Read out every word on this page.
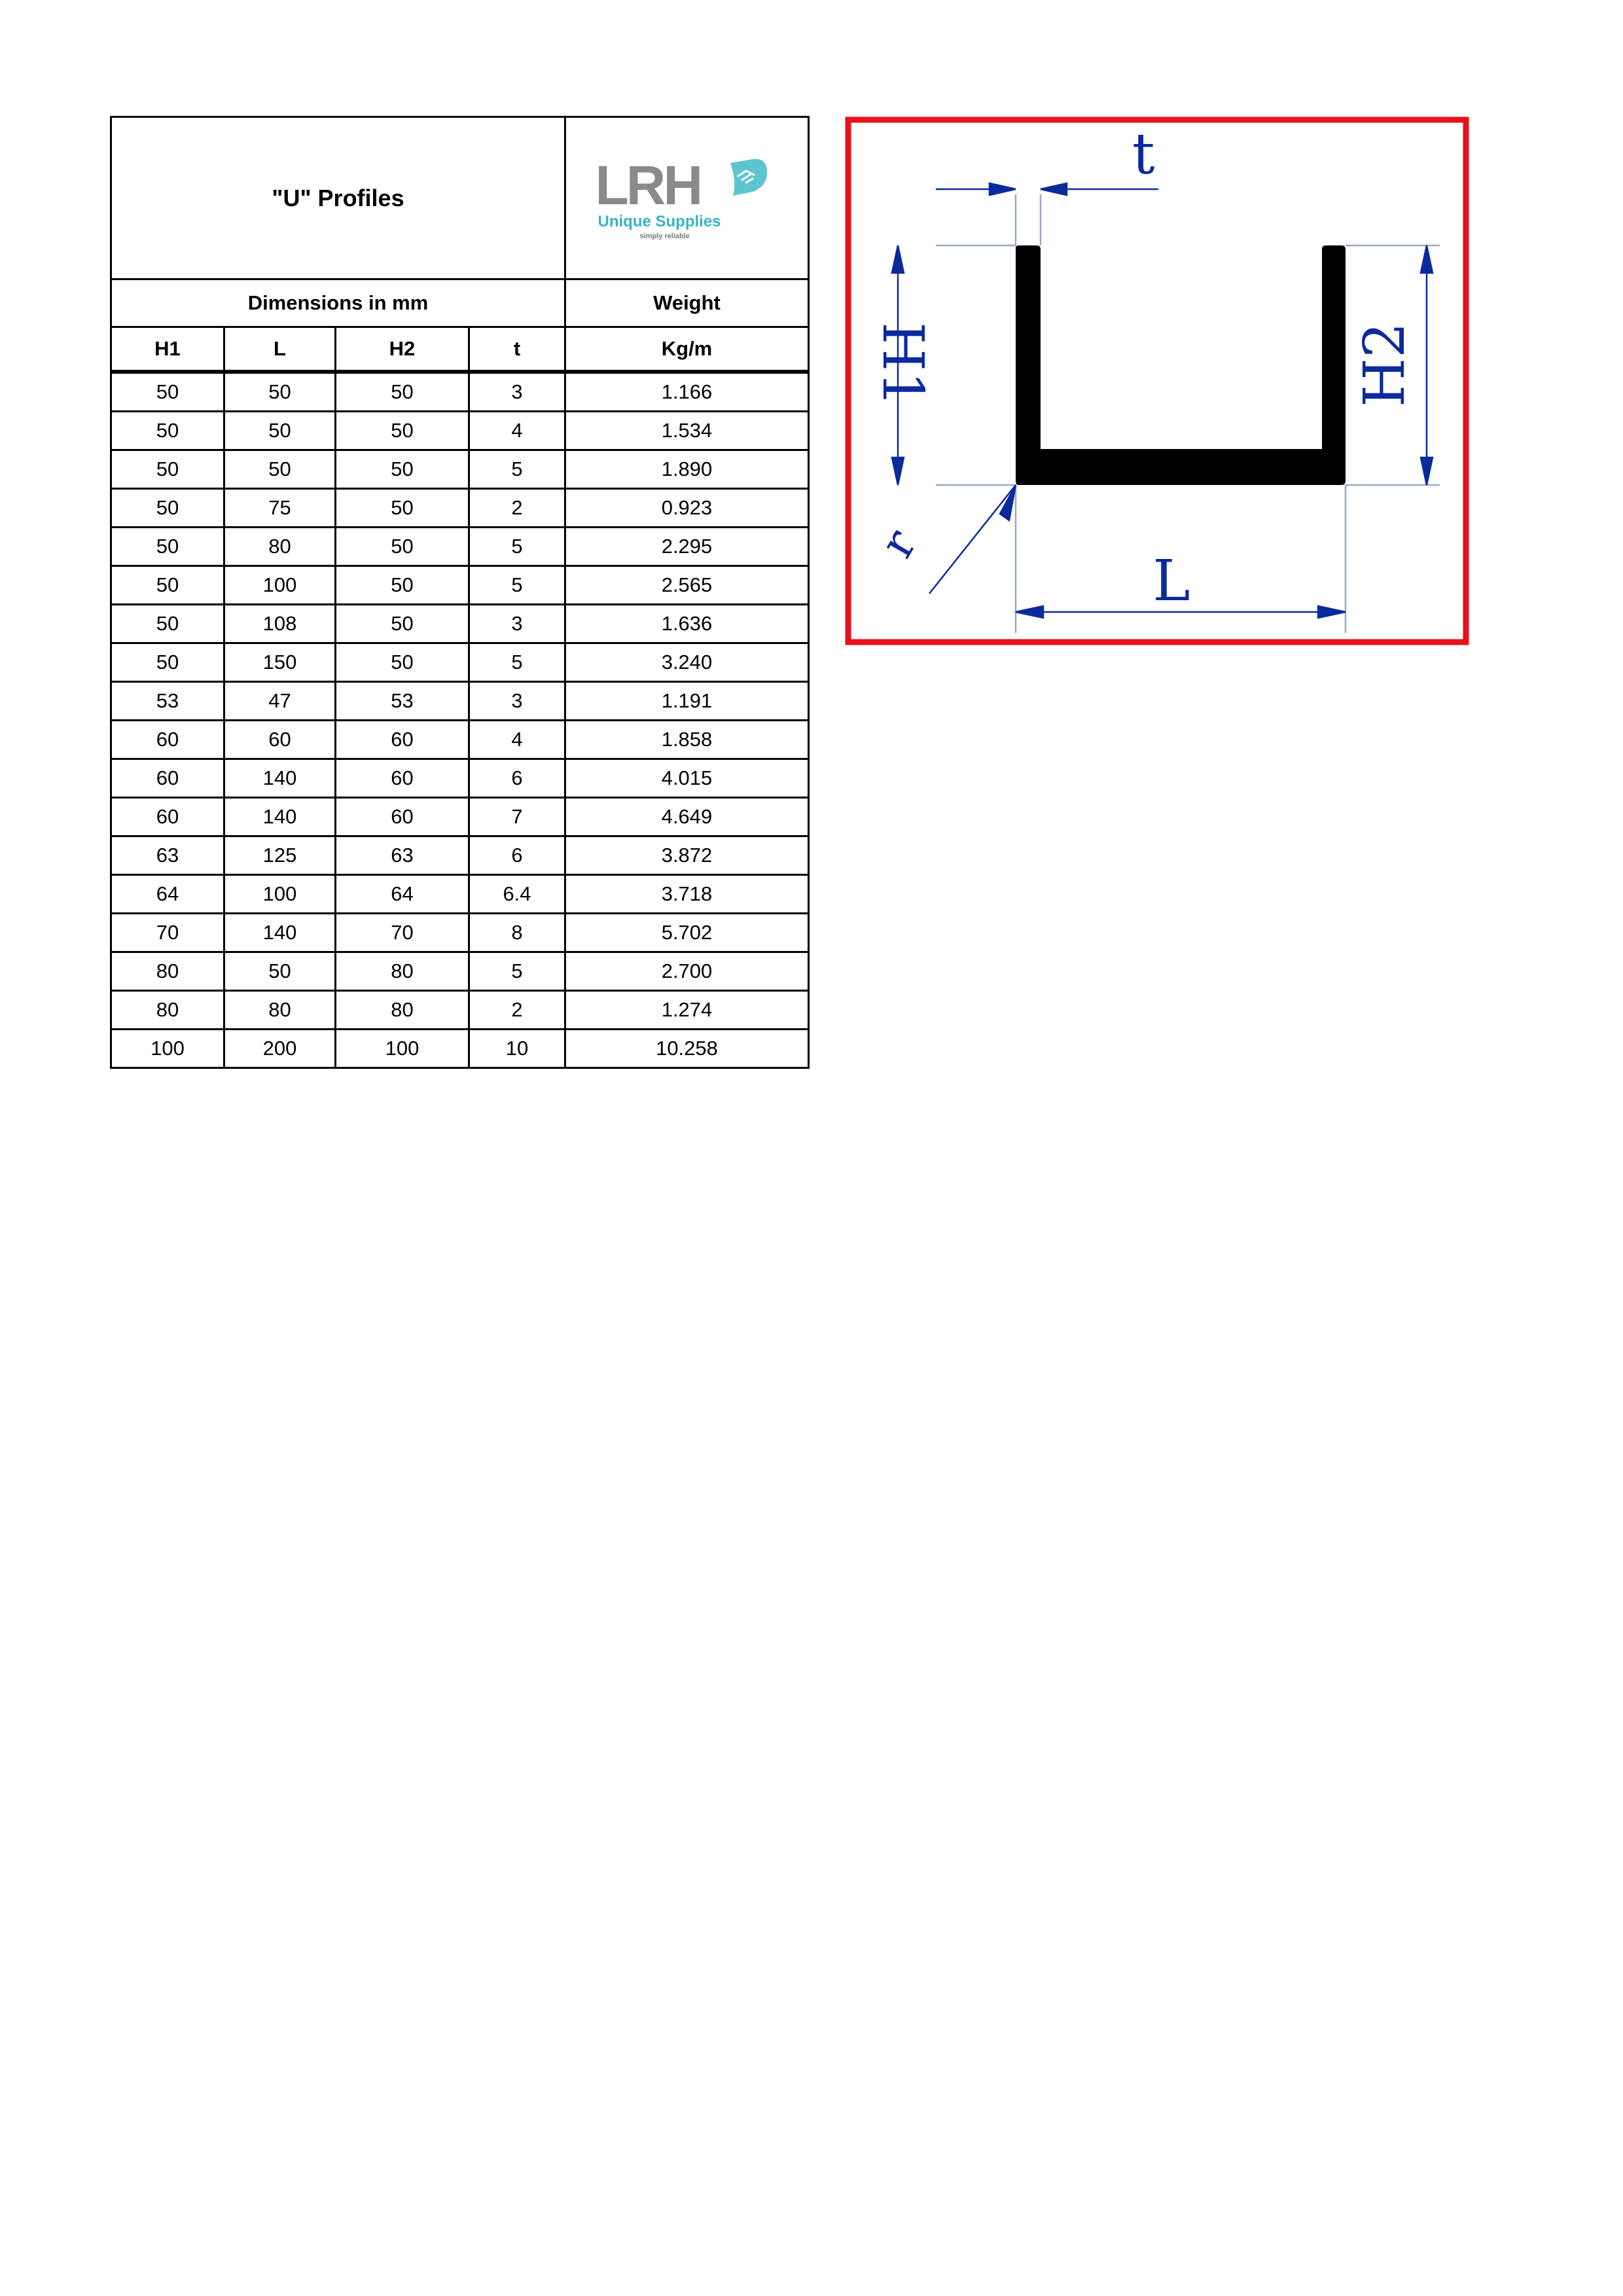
"U" Profiles				LRH
Unique Supplies
simply reliable

Dimensions in mm				Weight
H1	L	H2	t	Kg/m
50	50	50	3	1.166
50	50	50	4	1.534
50	50	50	5	1.890
50	75	50	2	0.923
50	80	50	5	2.295
50	100	50	5	2.565
50	108	50	3	1.636
50	150	50	5	3.240
53	47	53	3	1.191
60	60	60	4	1.858
60	140	60	6	4.015
60	140	60	7	4.649
63	125	63	6	3.872
64	100	64	6.4	3.718
70	140	70	8	5.702
80	50	80	5	2.700
80	80	80	2	1.274
100	200	100	10	10.258
t
H1	H2
r
L
